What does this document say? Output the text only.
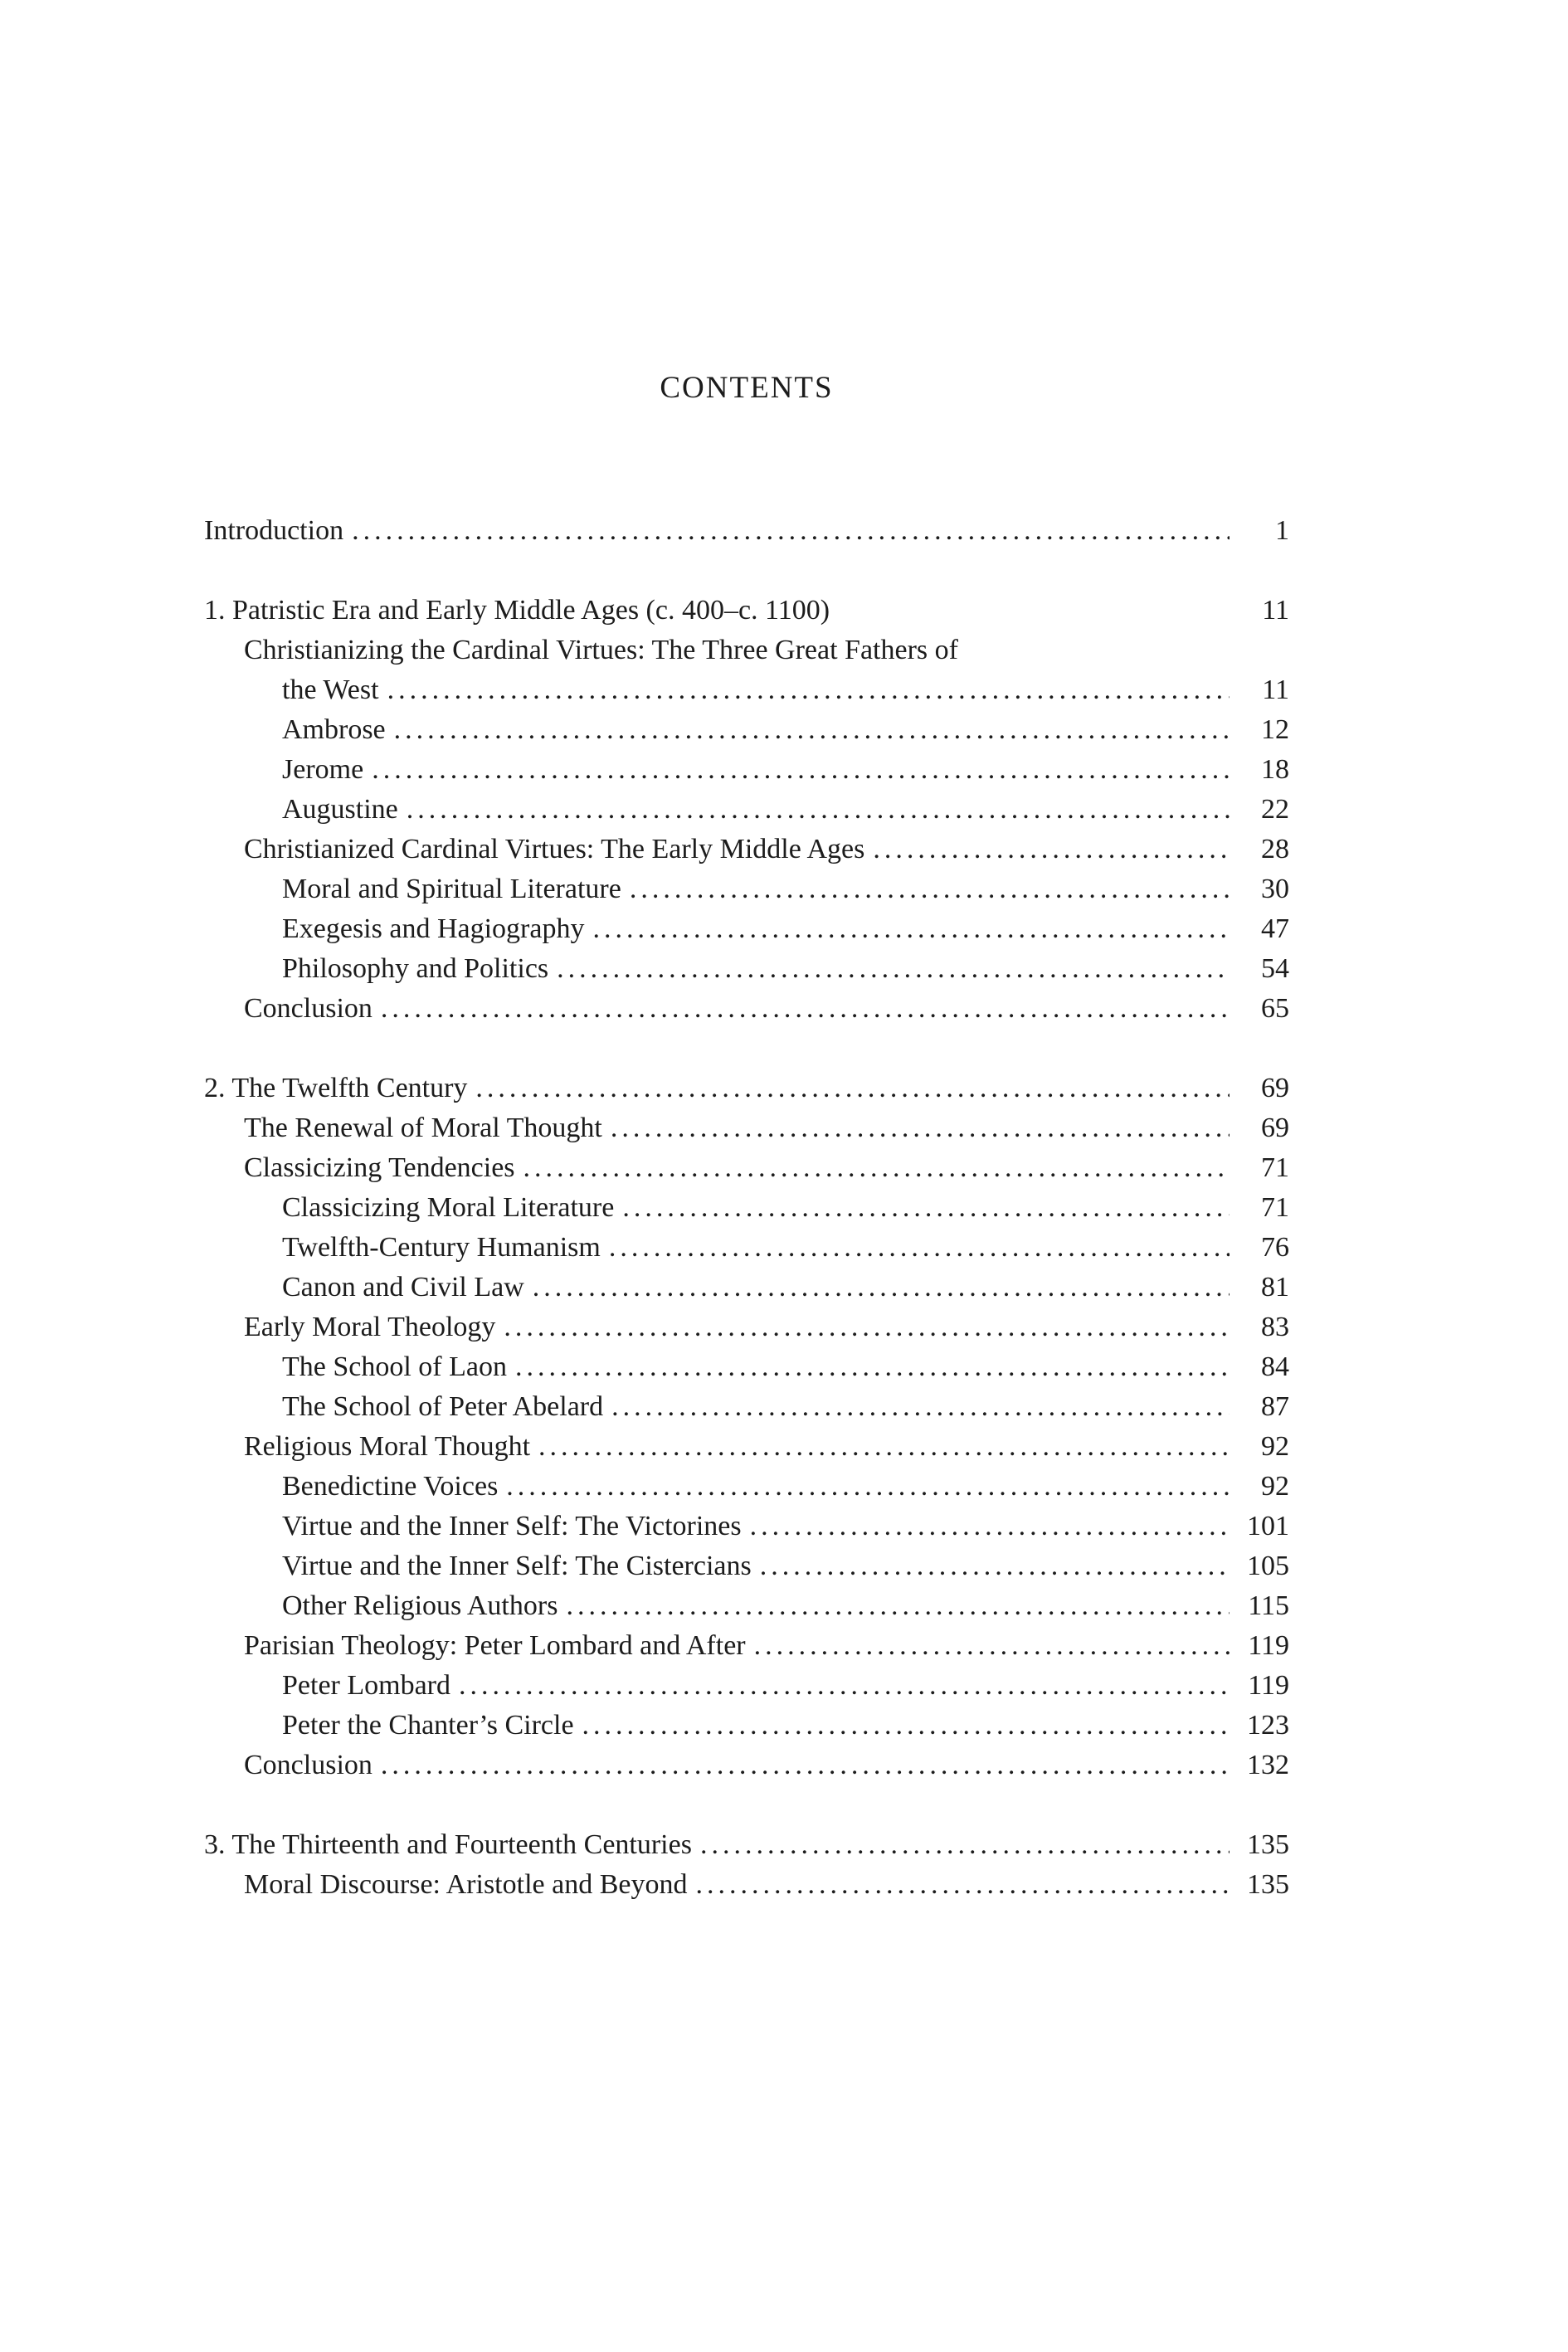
CONTENTS
Introduction .....	1
1. Patristic Era and Early Middle Ages (c. 400–c. 1100)	11
Christianizing the Cardinal Virtues: The Three Great Fathers of
the West .....	11
Ambrose .....	12
Jerome .....	18
Augustine .....	22
Christianized Cardinal Virtues: The Early Middle Ages .....	28
Moral and Spiritual Literature .....	30
Exegesis and Hagiography .....	47
Philosophy and Politics .....	54
Conclusion .....	65
2. The Twelfth Century .....	69
The Renewal of Moral Thought .....	69
Classicizing Tendencies .....	71
Classicizing Moral Literature .....	71
Twelfth-Century Humanism .....	76
Canon and Civil Law .....	81
Early Moral Theology .....	83
The School of Laon .....	84
The School of Peter Abelard .....	87
Religious Moral Thought .....	92
Benedictine Voices .....	92
Virtue and the Inner Self: The Victorines .....	101
Virtue and the Inner Self: The Cistercians .....	105
Other Religious Authors .....	115
Parisian Theology: Peter Lombard and After .....	119
Peter Lombard .....	119
Peter the Chanter’s Circle .....	123
Conclusion .....	132
3. The Thirteenth and Fourteenth Centuries .....	135
Moral Discourse: Aristotle and Beyond .....	135
